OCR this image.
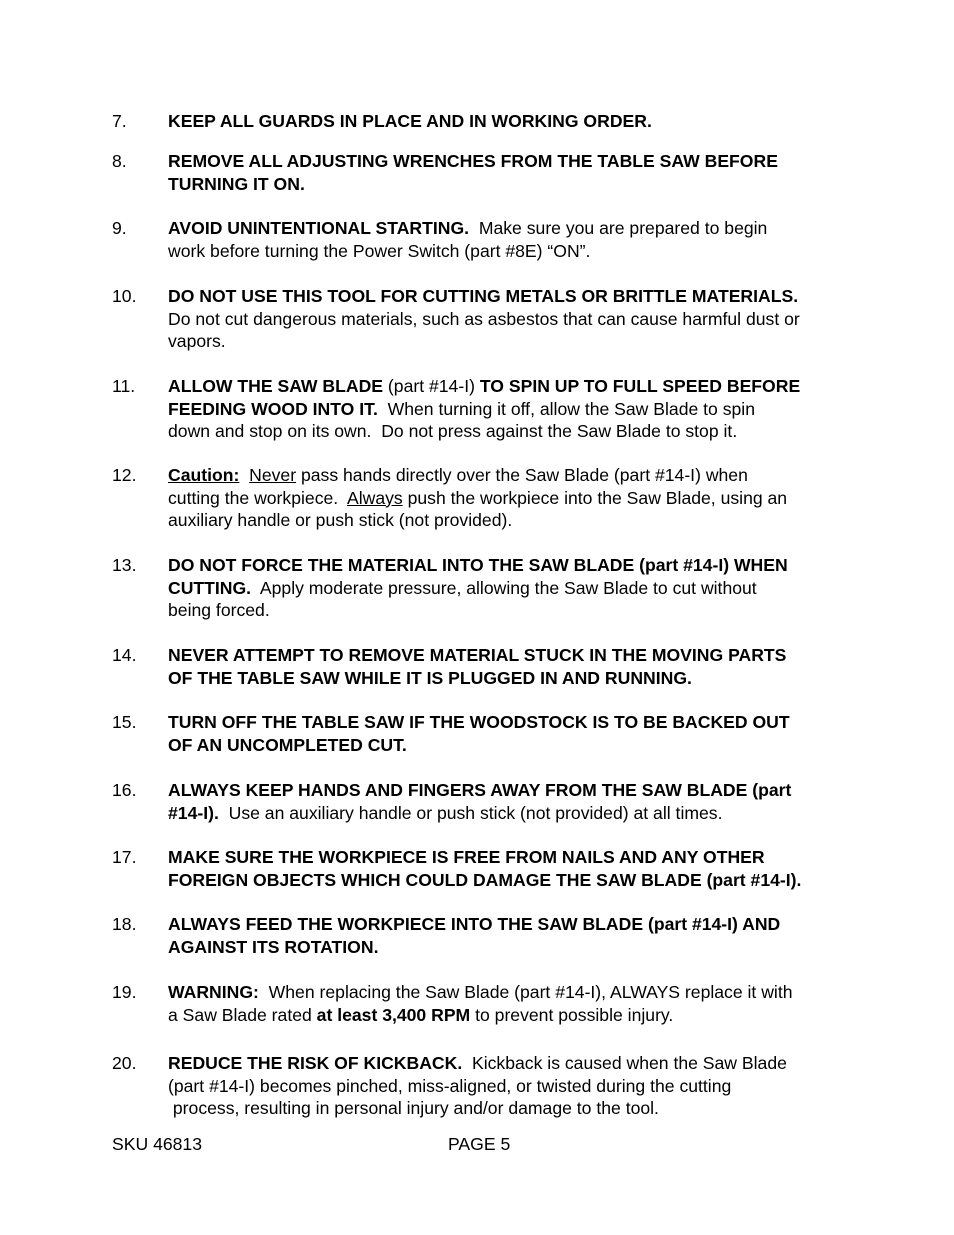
7. KEEP ALL GUARDS IN PLACE AND IN WORKING ORDER.
8. REMOVE ALL ADJUSTING WRENCHES FROM THE TABLE SAW BEFORE
TURNING IT ON.
9. AVOID UNINTENTIONAL STARTING.  Make sure you are prepared to begin
work before turning the Power Switch (part #8E) “ON”.
10. DO NOT USE THIS TOOL FOR CUTTING METALS OR BRITTLE MATERIALS.
Do not cut dangerous materials, such as asbestos that can cause harmful dust or
vapors.
11. ALLOW THE SAW BLADE (part #14-I) TO SPIN UP TO FULL SPEED BEFORE
FEEDING WOOD INTO IT.  When turning it off, allow the Saw Blade to spin
down and stop on its own.  Do not press against the Saw Blade to stop it.
12. Caution: Never pass hands directly over the Saw Blade (part #14-I) when
cutting the workpiece.  Always push the workpiece into the Saw Blade, using an
auxiliary handle or push stick (not provided).
13. DO NOT FORCE THE MATERIAL INTO THE SAW BLADE (part #14-I) WHEN
CUTTING.  Apply moderate pressure, allowing the Saw Blade to cut without
being forced.
14. NEVER ATTEMPT TO REMOVE MATERIAL STUCK IN THE MOVING PARTS
OF THE TABLE SAW WHILE IT IS PLUGGED IN AND RUNNING.
15. TURN OFF THE TABLE SAW IF THE WOODSTOCK IS TO BE BACKED OUT
OF AN UNCOMPLETED CUT.
16. ALWAYS KEEP HANDS AND FINGERS AWAY FROM THE SAW BLADE (part
#14-I).  Use an auxiliary handle or push stick (not provided) at all times.
17. MAKE SURE THE WORKPIECE IS FREE FROM NAILS AND ANY OTHER
FOREIGN OBJECTS WHICH COULD DAMAGE THE SAW BLADE (part #14-I).
18. ALWAYS FEED THE WORKPIECE INTO THE SAW BLADE (part #14-I) AND
AGAINST ITS ROTATION.
19. WARNING:  When replacing the Saw Blade (part #14-I), ALWAYS replace it with
a Saw Blade rated at least 3,400 RPM to prevent possible injury.
20. REDUCE THE RISK OF KICKBACK.  Kickback is caused when the Saw Blade
(part #14-I) becomes pinched, miss-aligned, or twisted during the cutting
process, resulting in personal injury and/or damage to the tool.
SKU 46813	PAGE 5
